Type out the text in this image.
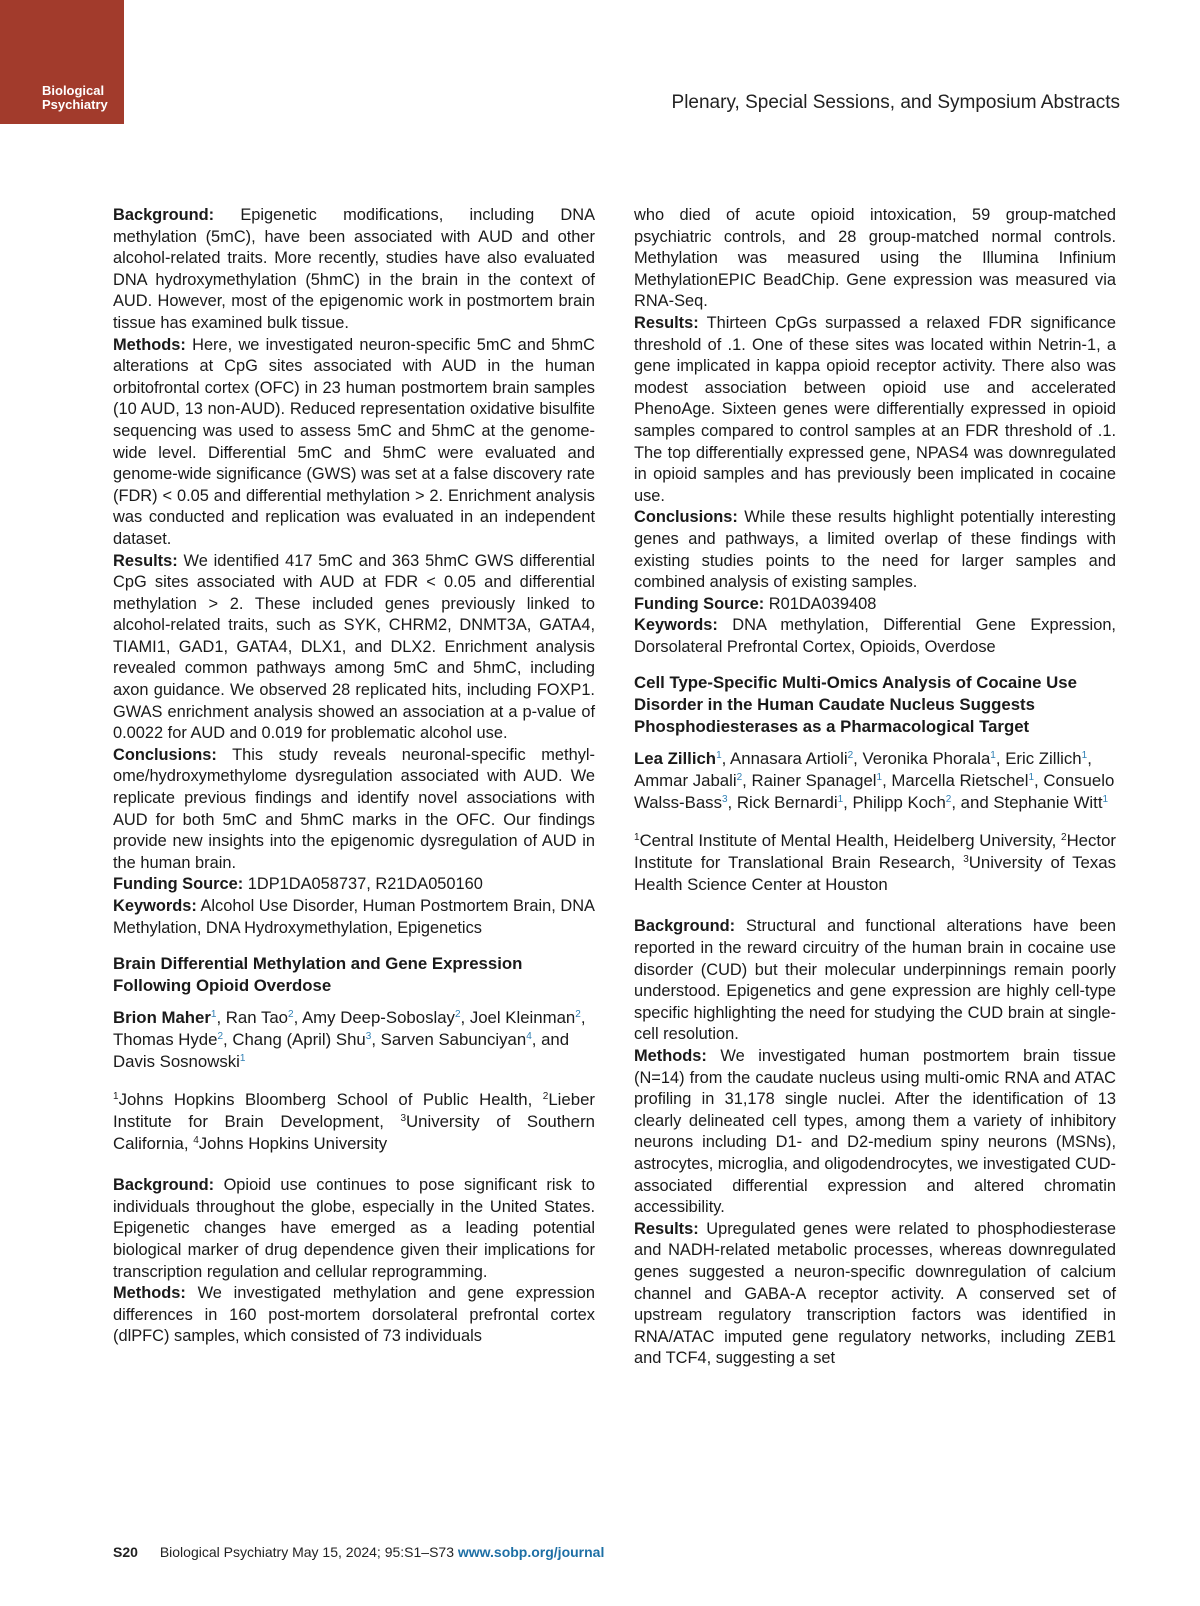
Biological
Psychiatry	Plenary, Special Sessions, and Symposium Abstracts

Background: Epigenetic modifications, including DNA methylation (5mC), have been associated with AUD and other alcohol-related traits. More recently, studies have also evaluated DNA hydroxymethylation (5hmC) in the brain in the context of AUD. However, most of the epigenomic work in postmortem brain tissue has examined bulk tissue.

Methods: Here, we investigated neuron-specific 5mC and 5hmC alterations at CpG sites associated with AUD in the human orbitofrontal cortex (OFC) in 23 human postmortem brain samples (10 AUD, 13 non-AUD). Reduced representation oxidative bisulfite sequencing was used to assess 5mC and 5hmC at the genome-wide level. Differential 5mC and 5hmC were evaluated and genome-wide significance (GWS) was set at a false discovery rate (FDR) < 0.05 and differential methylation > 2. Enrichment analysis was conducted and replication was evaluated in an independent dataset.

Results: We identified 417 5mC and 363 5hmC GWS differential CpG sites associated with AUD at FDR < 0.05 and differential methylation > 2. These included genes previously linked to alcohol-related traits, such as SYK, CHRM2, DNMT3A, GATA4, TIAMI1, GAD1, GATA4, DLX1, and DLX2. Enrichment analysis revealed common pathways among 5mC and 5hmC, including axon guidance. We observed 28 replicated hits, including FOXP1. GWAS enrichment analysis showed an association at a p-value of 0.0022 for AUD and 0.019 for problematic alcohol use.

Conclusions: This study reveals neuronal-specific methylome/hydroxymethylome dysregulation associated with AUD. We replicate previous findings and identify novel associations with AUD for both 5mC and 5hmC marks in the OFC. Our findings provide new insights into the epigenomic dysregulation of AUD in the human brain.

Funding Source: 1DP1DA058737, R21DA050160

Keywords: Alcohol Use Disorder, Human Postmortem Brain, DNA Methylation, DNA Hydroxymethylation, Epigenetics

Brain Differential Methylation and Gene Expression Following Opioid Overdose

Brion Maher$^1$, Ran Tao$^2$, Amy Deep-Soboslay$^2$, Joel Kleinman$^2$, Thomas Hyde$^2$, Chang (April) Shu$^3$, Sarven Sabunciyan$^4$, and Davis Sosnowski$^1$

$^1$Johns Hopkins Bloomberg School of Public Health, $^2$Lieber Institute for Brain Development, $^3$University of Southern California, $^4$Johns Hopkins University

Background: Opioid use continues to pose significant risk to individuals throughout the globe, especially in the United States. Epigenetic changes have emerged as a leading potential biological marker of drug dependence given their implications for transcription regulation and cellular reprogramming.

Methods: We investigated methylation and gene expression differences in 160 post-mortem dorsolateral prefrontal cortex (dlPFC) samples, which consisted of 73 individuals

who died of acute opioid intoxication, 59 group-matched psychiatric controls, and 28 group-matched normal controls. Methylation was measured using the Illumina Infinium MethylationEPIC BeadChip. Gene expression was measured via RNA-Seq.

Results: Thirteen CpGs surpassed a relaxed FDR significance threshold of .1. One of these sites was located within Netrin-1, a gene implicated in kappa opioid receptor activity. There also was modest association between opioid use and accelerated PhenoAge. Sixteen genes were differentially expressed in opioid samples compared to control samples at an FDR threshold of .1. The top differentially expressed gene, NPAS4 was downregulated in opioid samples and has previously been implicated in cocaine use.

Conclusions: While these results highlight potentially interesting genes and pathways, a limited overlap of these findings with existing studies points to the need for larger samples and combined analysis of existing samples.

Funding Source: R01DA039408

Keywords: DNA methylation, Differential Gene Expression, Dorsolateral Prefrontal Cortex, Opioids, Overdose

Cell Type-Specific Multi-Omics Analysis of Cocaine Use Disorder in the Human Caudate Nucleus Suggests Phosphodiesterases as a Pharmacological Target

Lea Zillich$^1$, Annasara Artioli$^2$, Veronika Phorala$^1$, Eric Zillich$^1$, Ammar Jabali$^2$, Rainer Spanagel$^1$, Marcella Rietschel$^1$, Consuelo Walss-Bass$^3$, Rick Bernardi$^1$, Philipp Koch$^2$, and Stephanie Witt$^1$

$^1$Central Institute of Mental Health, Heidelberg University, $^2$Hector Institute for Translational Brain Research, $^3$University of Texas Health Science Center at Houston

Background: Structural and functional alterations have been reported in the reward circuitry of the human brain in cocaine use disorder (CUD) but their molecular underpinnings remain poorly understood. Epigenetics and gene expression are highly cell-type specific highlighting the need for studying the CUD brain at single-cell resolution.

Methods: We investigated human postmortem brain tissue (N=14) from the caudate nucleus using multi-omic RNA and ATAC profiling in 31,178 single nuclei. After the identification of 13 clearly delineated cell types, among them a variety of inhibitory neurons including D1- and D2-medium spiny neurons (MSNs), astrocytes, microglia, and oligodendrocytes, we investigated CUD-associated differential expression and altered chromatin accessibility.

Results: Upregulated genes were related to phosphodiesterase and NADH-related metabolic processes, whereas downregulated genes suggested a neuron-specific downregulation of calcium channel and GABA-A receptor activity. A conserved set of upstream regulatory transcription factors was identified in RNA/ATAC imputed gene regulatory networks, including ZEB1 and TCF4, suggesting a set

S20 Biological Psychiatry May 15, 2024; 95:S1–S73 www.sobp.org/journal
